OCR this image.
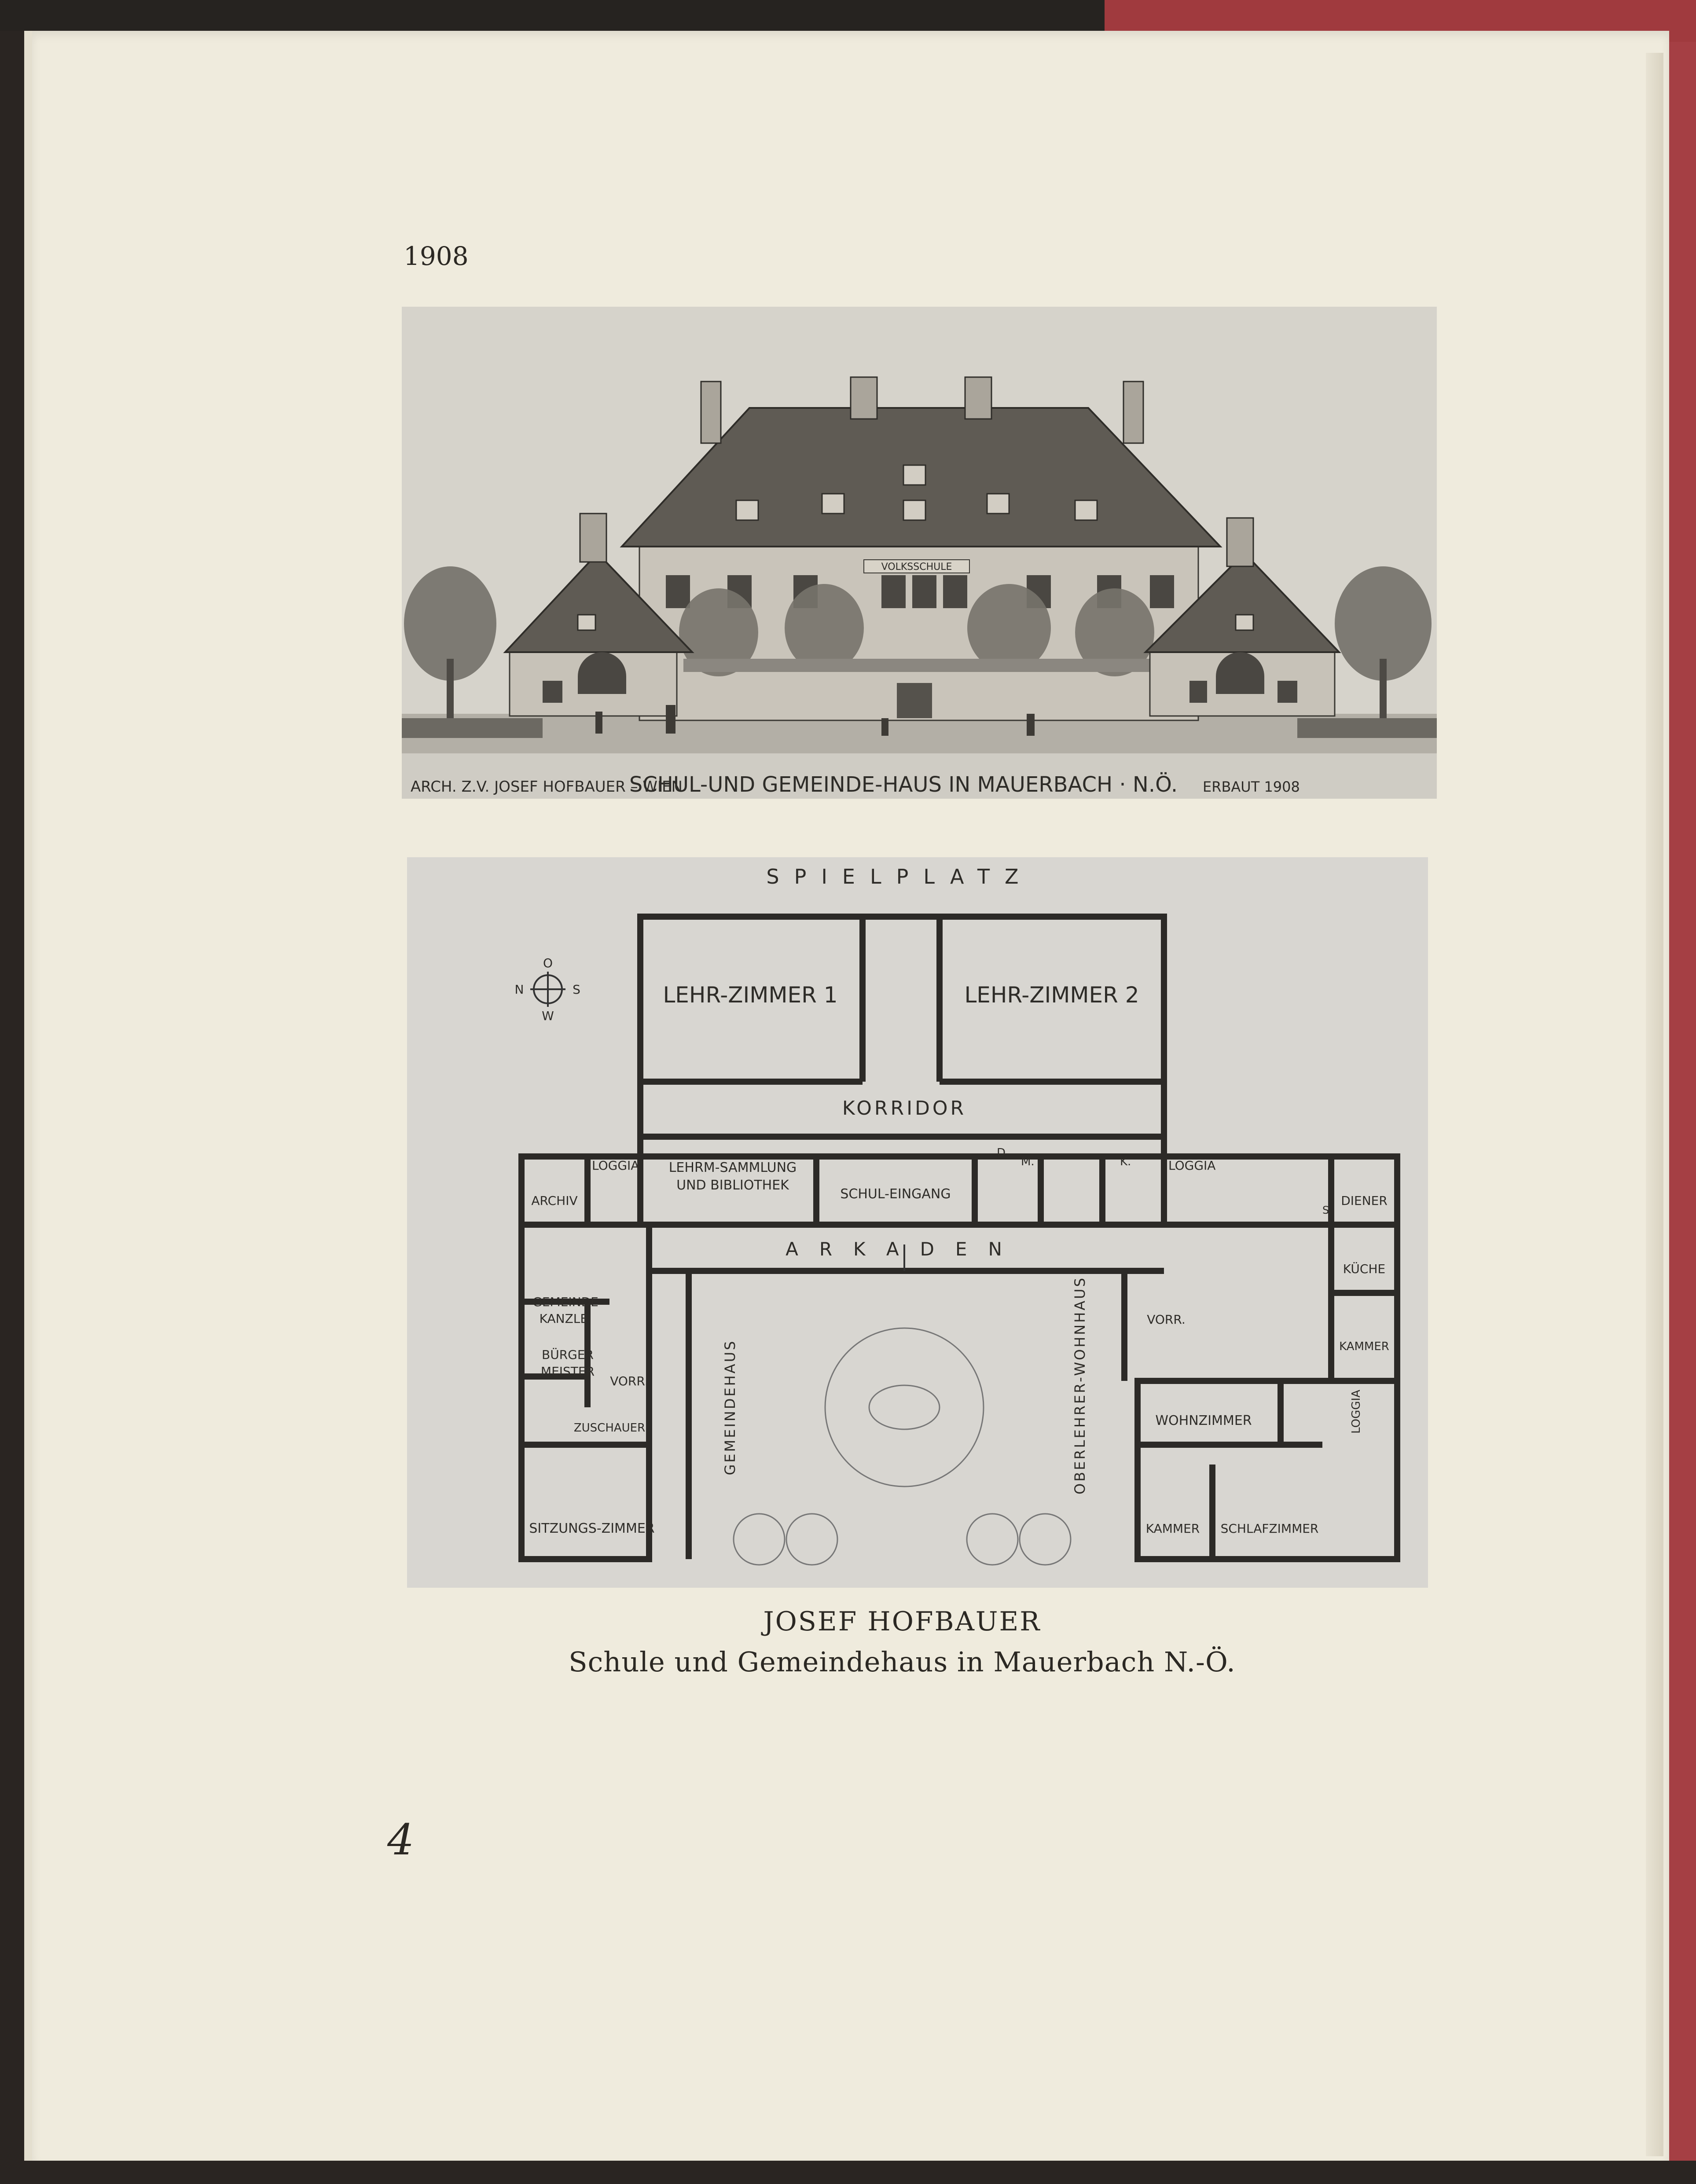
1908
VOLKSSCHULE
ARCH. Z.V. JOSEF HOFBAUER – WIEN
SCHUL-UND GEMEINDE-HAUS IN MAUERBACH · N.Ö. ERBAUT 1908
SPIELPLATZ
O
N	S
W
LEHR-ZIMMER 1	LEHR-ZIMMER 2
KORRIDOR
LEHRM-SAMMLUNG
UND BIBLIOTHEK
SCHUL-EINGANG
D.
M.	K.
LOGGIA	LOGGIA
ARCHIV	DIENER
S.
ARKADEN
KÜCHE
GEMEINDE
KANZLEI
BÜRGER
MEISTER
VORR.
VORR.
KAMMER
ZUSCHAUER	GEMEINDEHAUS	OBERLEHRER-WOHNHAUS	WOHNZIMMER	LOGGIA
SITZUNGS-ZIMMER	KAMMER SCHLAFZIMMER
JOSEF HOFBAUER
Schule und Gemeindehaus in Mauerbach N.-Ö.
4
